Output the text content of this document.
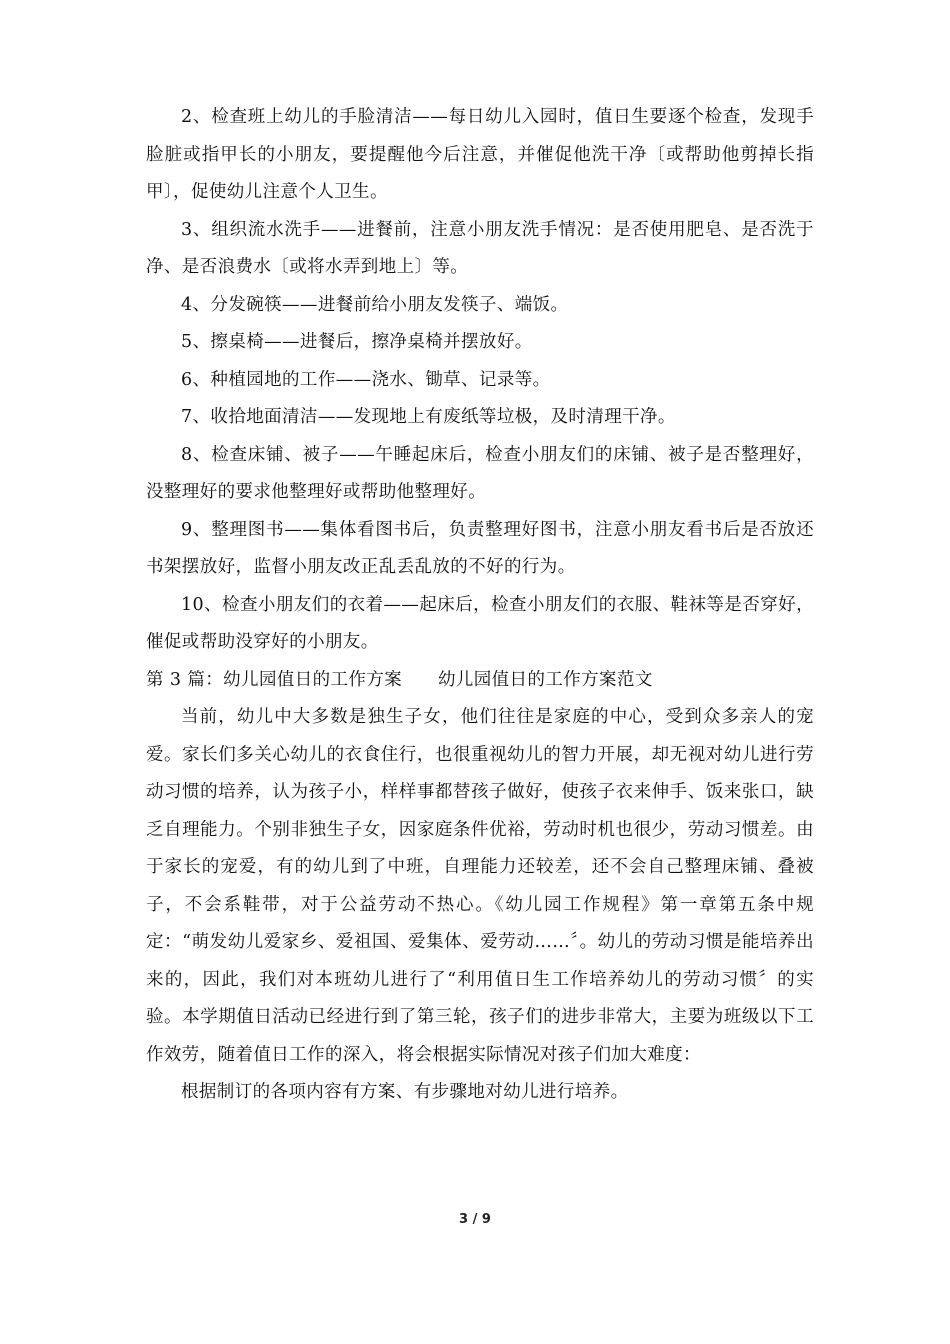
2、检查班上幼儿的手脸清洁——每日幼儿入园时，值日生要逐个检查，发现手脸脏或指甲长的小朋友，要提醒他今后注意，并催促他洗干净〔或帮助他剪掉长指甲〕，促使幼儿注意个人卫生。

3、组织流水洗手——进餐前，注意小朋友洗手情况：是否使用肥皂、是否洗于净、是否浪费水〔或将水弄到地上〕等。

4、分发碗筷——进餐前给小朋友发筷子、端饭。

5、擦桌椅——进餐后，擦净桌椅并摆放好。

6、种植园地的工作——浇水、锄草、记录等。

7、收拾地面清洁——发现地上有废纸等垃极，及时清理干净。

8、检查床铺、被子——午睡起床后，检查小朋友们的床铺、被子是否整理好，没整理好的要求他整理好或帮助他整理好。

9、整理图书——集体看图书后，负责整理好图书，注意小朋友看书后是否放还书架摆放好，监督小朋友改正乱丢乱放的不好的行为。

10、检查小朋友们的衣着——起床后，检查小朋友们的衣服、鞋袜等是否穿好，催促或帮助没穿好的小朋友。

第 3 篇：幼儿园值日的工作方案　　幼儿园值日的工作方案范文

当前，幼儿中大多数是独生子女，他们往往是家庭的中心，受到众多亲人的宠爱。家长们多关心幼儿的衣食住行，也很重视幼儿的智力开展，却无视对幼儿进行劳动习惯的培养，认为孩子小，样样事都替孩子做好，使孩子衣来伸手、饭来张口，缺乏自理能力。个别非独生子女，因家庭条件优裕，劳动时机也很少，劳动习惯差。由于家长的宠爱，有的幼儿到了中班，自理能力还较差，还不会自己整理床铺、叠被子，不会系鞋带，对于公益劳动不热心。《幼儿园工作规程》第一章第五条中规定：“萌发幼儿爱家乡、爱祖国、爱集体、爱劳动……〞。幼儿的劳动习惯是能培养出来的，因此，我们对本班幼儿进行了“利用值日生工作培养幼儿的劳动习惯〞的实验。本学期值日活动已经进行到了第三轮，孩子们的进步非常大，主要为班级以下工作效劳，随着值日工作的深入，将会根据实际情况对孩子们加大难度：

根据制订的各项内容有方案、有步骤地对幼儿进行培养。

3 / 9
